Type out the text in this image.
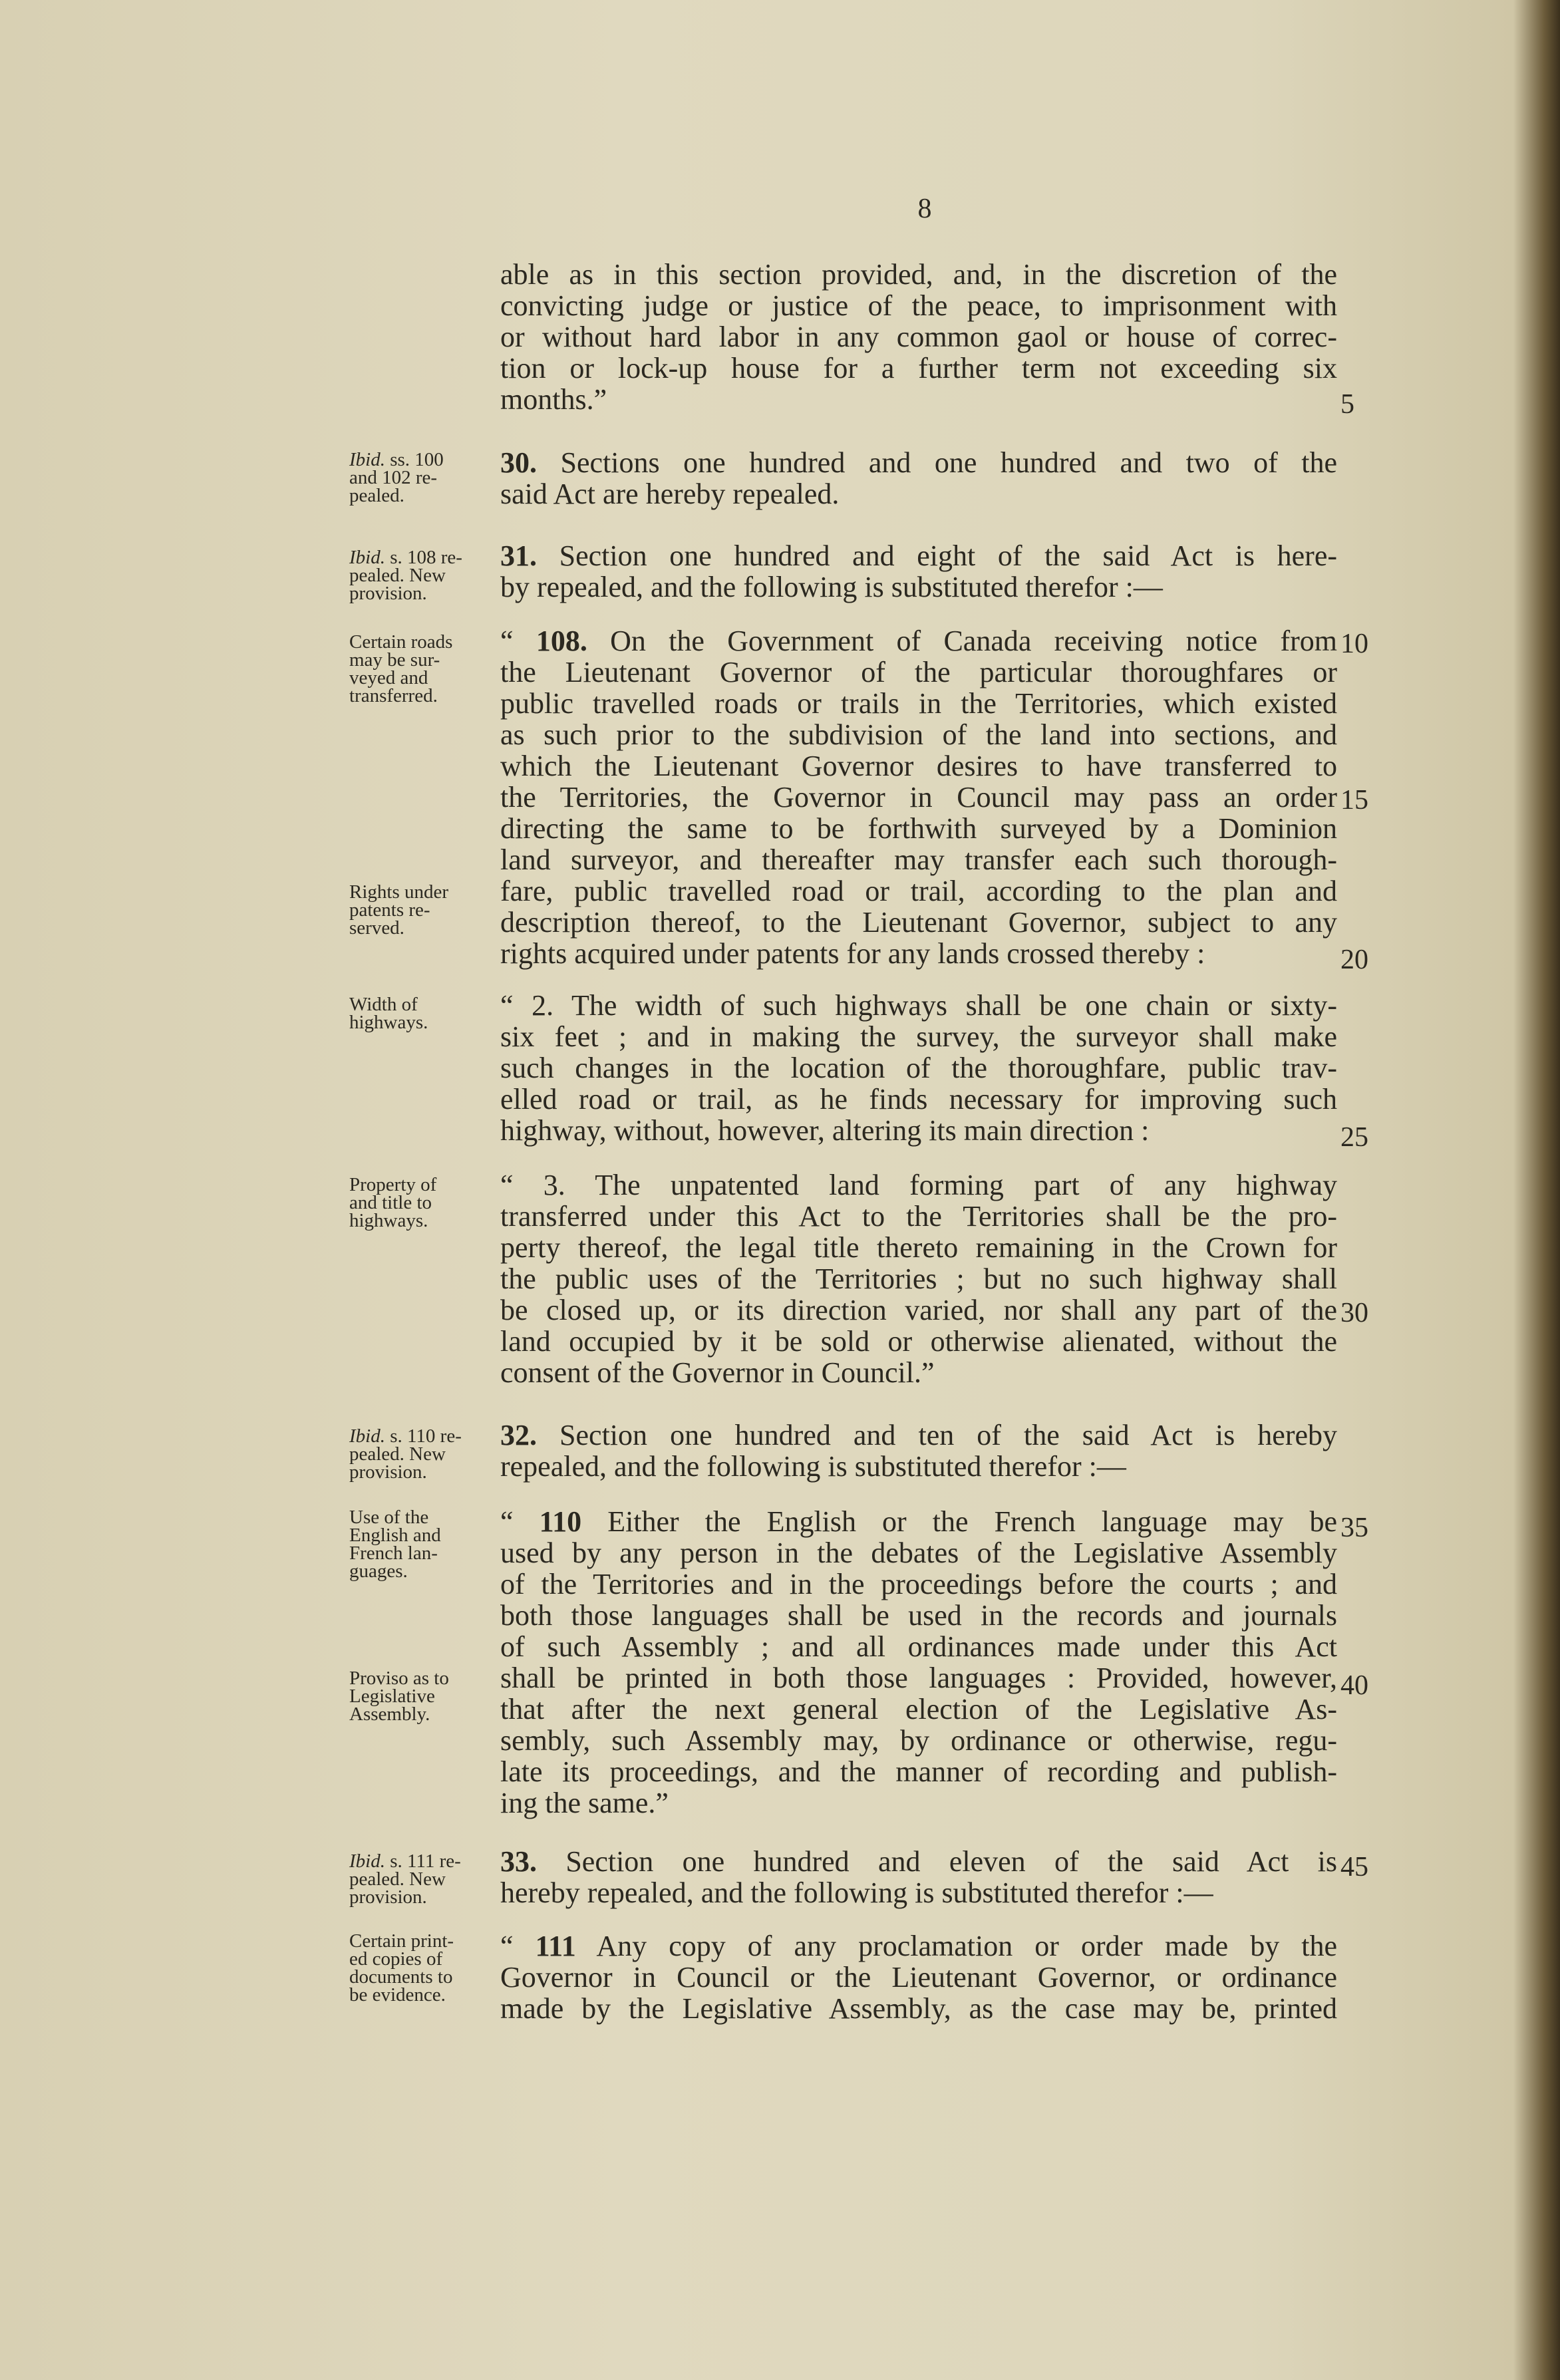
8
able as in this section provided, and, in the discretion of the
convicting judge or justice of the peace, to imprisonment with
or without hard labor in any common gaol or house of correc-
tion or lock-up house for a further term not exceeding six
months.”
30. Sections one hundred and one hundred and two of the
said Act are hereby repealed.
31. Section one hundred and eight of the said Act is here-
by repealed, and the following is substituted therefor :—
“ 108. On the Government of Canada receiving notice from
the Lieutenant Governor of the particular thoroughfares or
public travelled roads or trails in the Territories, which existed
as such prior to the subdivision of the land into sections, and
which the Lieutenant Governor desires to have transferred to
the Territories, the Governor in Council may pass an order
directing the same to be forthwith surveyed by a Dominion
land surveyor, and thereafter may transfer each such thorough-
fare, public travelled road or trail, according to the plan and
description thereof, to the Lieutenant Governor, subject to any
rights acquired under patents for any lands crossed thereby :
“ 2. The width of such highways shall be one chain or sixty-
six feet ; and in making the survey, the surveyor shall make
such changes in the location of the thoroughfare, public trav-
elled road or trail, as he finds necessary for improving such
highway, without, however, altering its main direction :
“ 3. The unpatented land forming part of any highway
transferred under this Act to the Territories shall be the pro-
perty thereof, the legal title thereto remaining in the Crown for
the public uses of the Territories ; but no such highway shall
be closed up, or its direction varied, nor shall any part of the
land occupied by it be sold or otherwise alienated, without the
consent of the Governor in Council.”
32. Section one hundred and ten of the said Act is hereby
repealed, and the following is substituted therefor :—
“ 110 Either the English or the French language may be
used by any person in the debates of the Legislative Assembly
of the Territories and in the proceedings before the courts ; and
both those languages shall be used in the records and journals
of such Assembly ; and all ordinances made under this Act
shall be printed in both those languages : Provided, however,
that after the next general election of the Legislative As-
sembly, such Assembly may, by ordinance or otherwise, regu-
late its proceedings, and the manner of recording and publish-
ing the same.”
33. Section one hundred and eleven of the said Act is
hereby repealed, and the following is substituted therefor :—
“ 111 Any copy of any proclamation or order made by the
Governor in Council or the Lieutenant Governor, or ordinance
made by the Legislative Assembly, as the case may be, printed
Ibid. ss. 100
and 102 re-
pealed.
Ibid. s. 108 re-
pealed. New
provision.
Certain roads
may be sur-
veyed and
transferred.
Rights under
patents re-
served.
Width of
highways.
Property of
and title to
highways.
Ibid. s. 110 re-
pealed. New
provision.
Use of the
English and
French lan-
guages.
Proviso as to
Legislative
Assembly.
Ibid. s. 111 re-
pealed. New
provision.
Certain print-
ed copies of
documents to
be evidence.
5
10
15
20
25
30
35
40
45
